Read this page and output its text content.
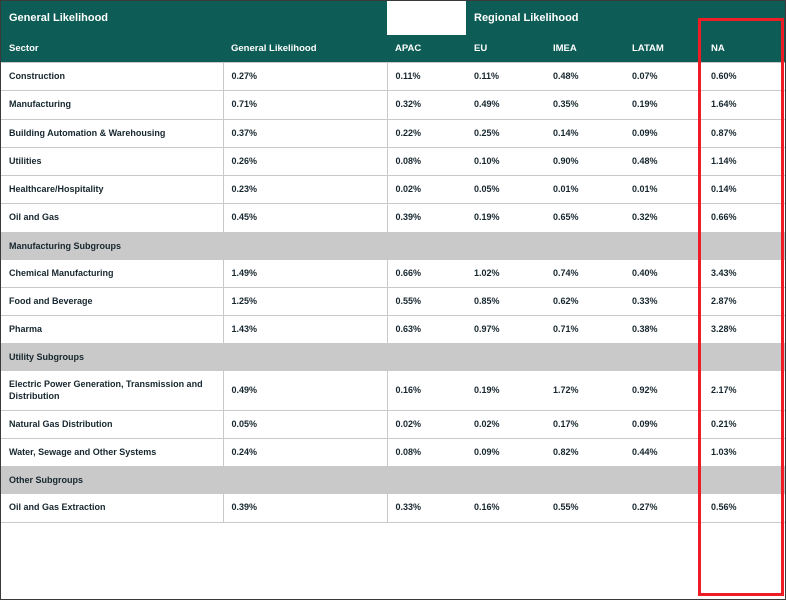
General Likelihood			Regional Likelihood			
Sector	General Likelihood	APAC	EU	IMEA	LATAM	NA
Construction	0.27%	0.11%	0.11%	0.48%	0.07%	0.60%
Manufacturing	0.71%	0.32%	0.49%	0.35%	0.19%	1.64%
Building Automation & Warehousing	0.37%	0.22%	0.25%	0.14%	0.09%	0.87%
Utilities	0.26%	0.08%	0.10%	0.90%	0.48%	1.14%
Healthcare/Hospitality	0.23%	0.02%	0.05%	0.01%	0.01%	0.14%
Oil and Gas	0.45%	0.39%	0.19%	0.65%	0.32%	0.66%
Manufacturing Subgroups						
Chemical Manufacturing	1.49%	0.66%	1.02%	0.74%	0.40%	3.43%
Food and Beverage	1.25%	0.55%	0.85%	0.62%	0.33%	2.87%
Pharma	1.43%	0.63%	0.97%	0.71%	0.38%	3.28%
Utility Subgroups						
Electric Power Generation, Transmission and Distribution	0.49%	0.16%	0.19%	1.72%	0.92%	2.17%
Natural Gas Distribution	0.05%	0.02%	0.02%	0.17%	0.09%	0.21%
Water, Sewage and Other Systems	0.24%	0.08%	0.09%	0.82%	0.44%	1.03%
Other Subgroups						
Oil and Gas Extraction	0.39%	0.33%	0.16%	0.55%	0.27%	0.56%
